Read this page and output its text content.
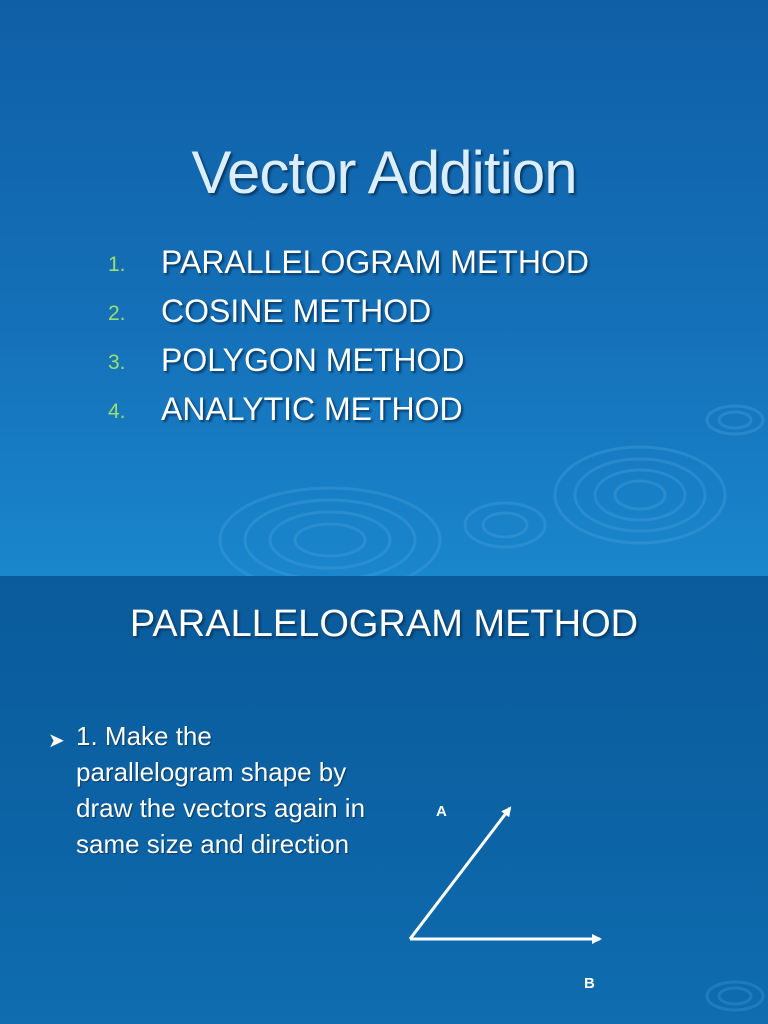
Vector Addition
1.	PARALLELOGRAM METHOD
2.	COSINE METHOD
3.	POLYGON METHOD
4.	ANALYTIC METHOD
PARALLELOGRAM METHOD
➤ 1. Make the parallelogram shape by draw the vectors again in same size and direction
A
B
